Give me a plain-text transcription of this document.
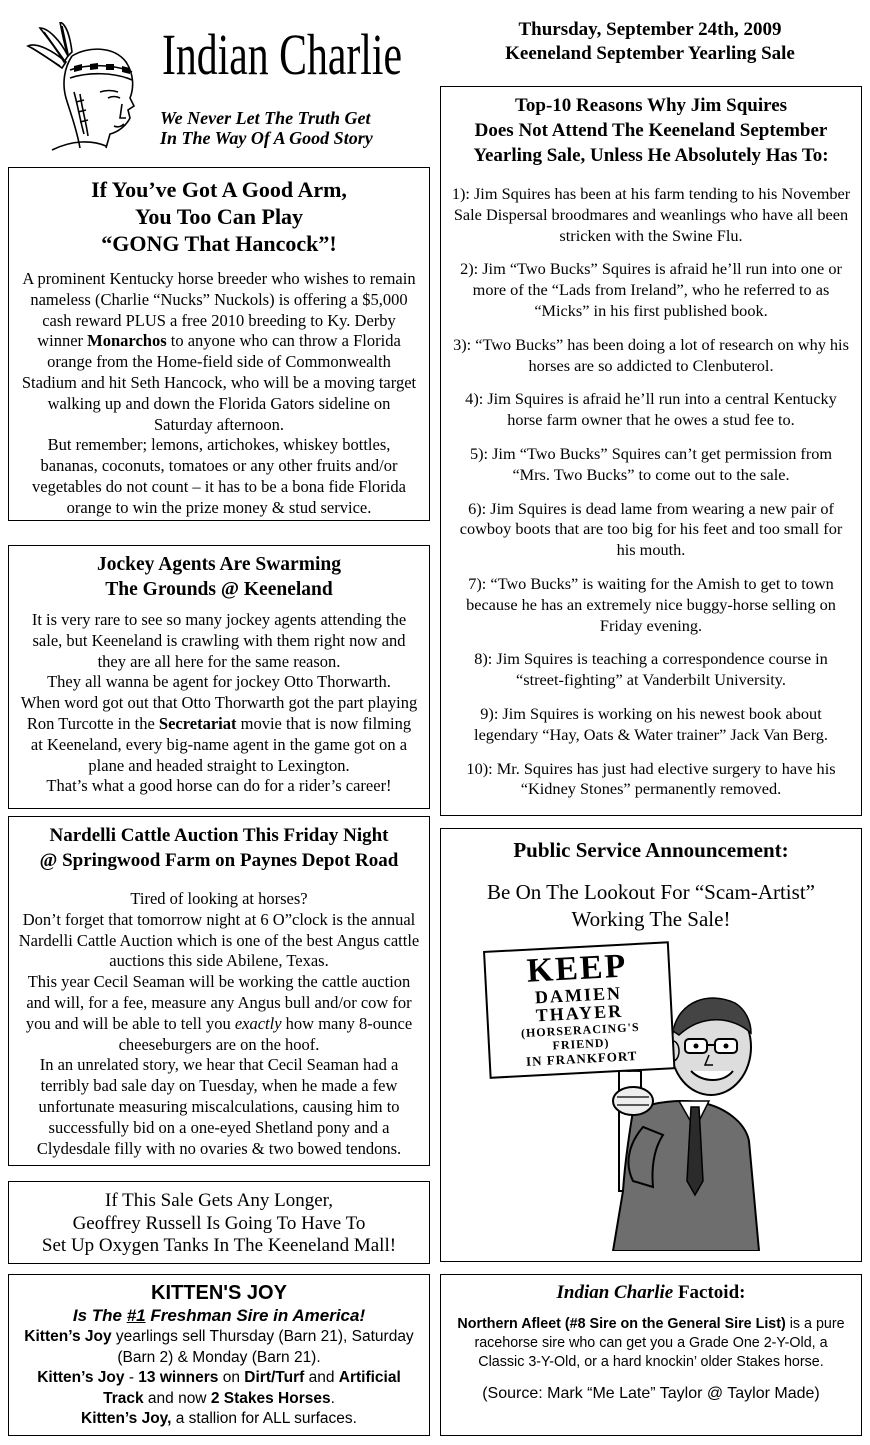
Indian Charlie
We Never Let The Truth Get
In The Way Of A Good Story
Thursday, September 24th, 2009
Keeneland September Yearling Sale
If You’ve Got A Good Arm,
You Too Can Play
“GONG That Hancock”!

A prominent Kentucky horse breeder who wishes to remain nameless (Charlie “Nucks” Nuckols) is offering a $5,000 cash reward PLUS a free 2010 breeding to Ky. Derby winner Monarchos to anyone who can throw a Florida orange from the Home-field side of Commonwealth Stadium and hit Seth Hancock, who will be a moving target walking up and down the Florida Gators sideline on Saturday afternoon.

But remember; lemons, artichokes, whiskey bottles, bananas, coconuts, tomatoes or any other fruits and/or vegetables do not count – it has to be a bona fide Florida orange to win the prize money & stud service.

Jockey Agents Are Swarming
The Grounds @ Keeneland

It is very rare to see so many jockey agents attending the sale, but Keeneland is crawling with them right now and they are all here for the same reason.

They all wanna be agent for jockey Otto Thorwarth.

When word got out that Otto Thorwarth got the part playing Ron Turcotte in the Secretariat movie that is now filming at Keeneland, every big-name agent in the game got on a plane and headed straight to Lexington.

That’s what a good horse can do for a rider’s career!

Nardelli Cattle Auction This Friday Night
@ Springwood Farm on Paynes Depot Road

Tired of looking at horses?

Don’t forget that tomorrow night at 6 O”clock is the annual Nardelli Cattle Auction which is one of the best Angus cattle auctions this side Abilene, Texas.

This year Cecil Seaman will be working the cattle auction and will, for a fee, measure any Angus bull and/or cow for you and will be able to tell you exactly how many 8-ounce cheeseburgers are on the hoof.

In an unrelated story, we hear that Cecil Seaman had a terribly bad sale day on Tuesday, when he made a few unfortunate measuring miscalculations, causing him to successfully bid on a one-eyed Shetland pony and a Clydesdale filly with no ovaries & two bowed tendons.

If This Sale Gets Any Longer,
Geoffrey Russell Is Going To Have To
Set Up Oxygen Tanks In The Keeneland Mall!
KITTEN'S JOY
Is The #1 Freshman Sire in America!

Kitten’s Joy yearlings sell Thursday (Barn 21), Saturday (Barn 2) & Monday (Barn 21).

Kitten’s Joy - 13 winners on Dirt/Turf and Artificial Track and now 2 Stakes Horses.

Kitten’s Joy, a stallion for ALL surfaces.

Top-10 Reasons Why Jim Squires
Does Not Attend The Keeneland September
Yearling Sale, Unless He Absolutely Has To:

1): Jim Squires has been at his farm tending to his November Sale Dispersal broodmares and weanlings who have all been stricken with the Swine Flu.

2): Jim “Two Bucks” Squires is afraid he’ll run into one or more of the “Lads from Ireland”, who he referred to as “Micks” in his first published book.

3): “Two Bucks” has been doing a lot of research on why his horses are so addicted to Clenbuterol.

4): Jim Squires is afraid he’ll run into a central Kentucky horse farm owner that he owes a stud fee to.

5): Jim “Two Bucks” Squires can’t get permission from “Mrs. Two Bucks” to come out to the sale.

6): Jim Squires is dead lame from wearing a new pair of cowboy boots that are too big for his feet and too small for his mouth.

7): “Two Bucks” is waiting for the Amish to get to town because he has an extremely nice buggy-horse selling on Friday evening.

8): Jim Squires is teaching a correspondence course in “street-fighting” at Vanderbilt University.

9): Jim Squires is working on his newest book about legendary “Hay, Oats & Water trainer” Jack Van Berg.

10): Mr. Squires has just had elective surgery to have his “Kidney Stones” permanently removed.

Public Service Announcement:
Be On The Lookout For “Scam-Artist”
Working The Sale!
KEEP
DAMIEN
THAYER
(HORSERACING'S
FRIEND)
IN FRANKFORT
Indian Charlie Factoid:

Northern Afleet (#8 Sire on the General Sire List) is a pure racehorse sire who can get you a Grade One 2-Y-Old, a Classic 3-Y-Old, or a hard knockin’ older Stakes horse.

(Source: Mark “Me Late” Taylor @ Taylor Made)
